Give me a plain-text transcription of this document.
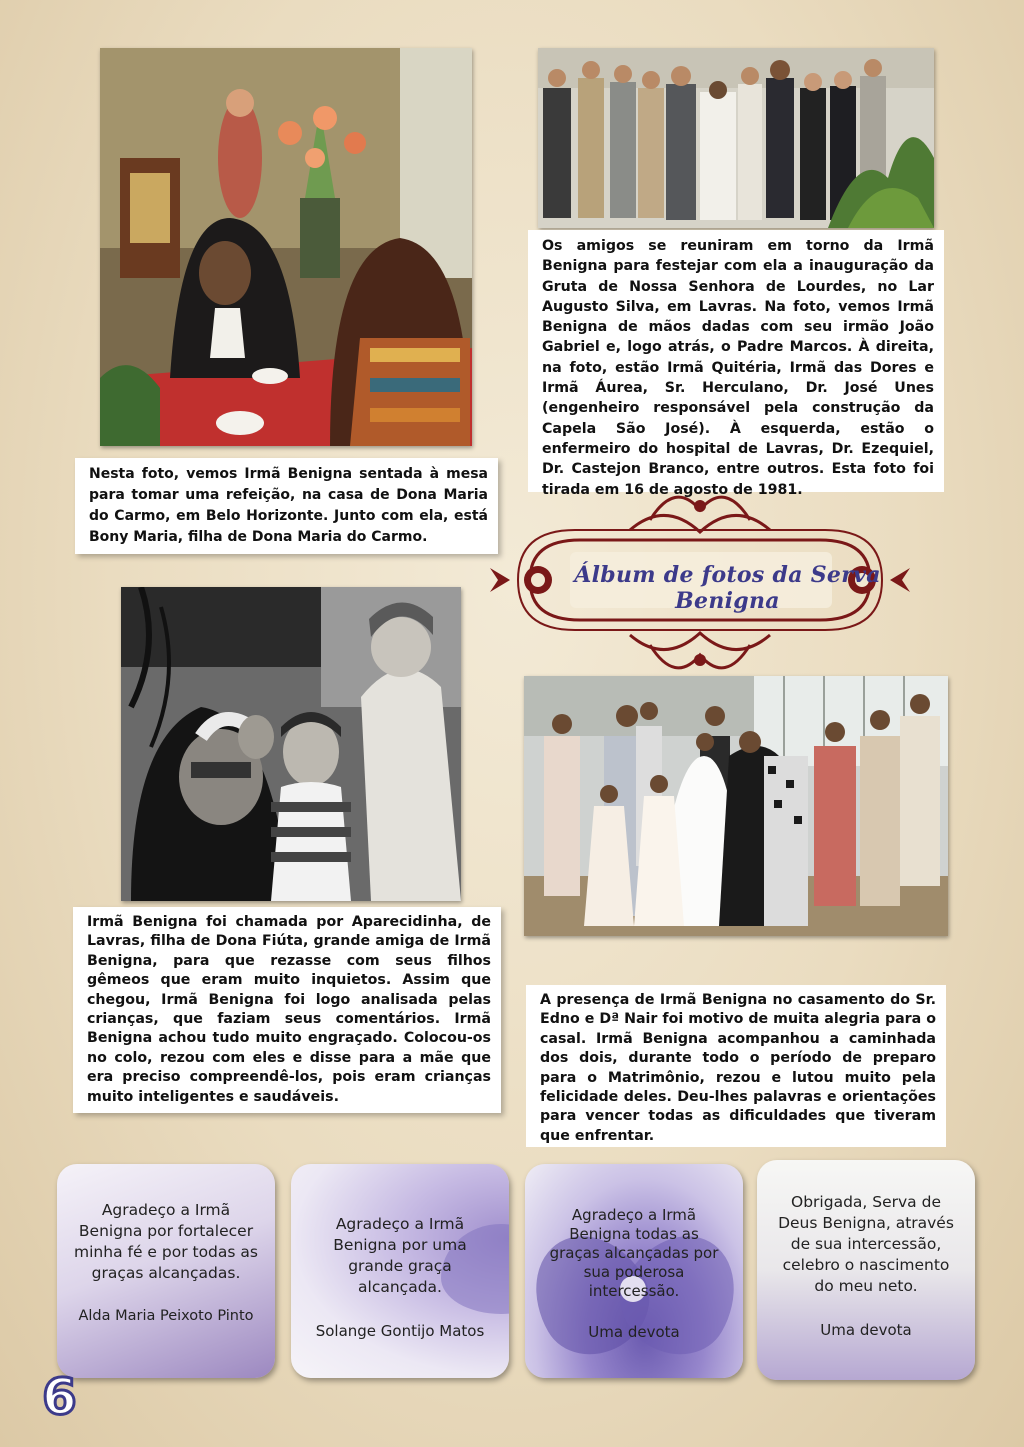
Nesta foto, vemos Irmã Benigna sentada à mesa para tomar uma refeição, na casa de Dona Maria do Carmo, em Belo Horizonte. Junto com ela, está Bony Maria, filha de Dona Maria do Carmo.
Os amigos se reuniram em torno da Irmã Benigna para festejar com ela a inauguração da Gruta de Nossa Senhora de Lourdes, no Lar Augusto Silva, em Lavras. Na foto, vemos Irmã Benigna de mãos dadas com seu irmão João Gabriel e, logo atrás, o Padre Marcos. À direita, na foto, estão Irmã Quitéria, Irmã das Dores e Irmã Áurea, Sr. Herculano, Dr. José Unes (engenheiro responsável pela construção da Capela São José). À esquerda, estão o enfermeiro do hospital de Lavras, Dr. Ezequiel, Dr. Castejon Branco, entre outros. Esta foto foi tirada em 16 de agosto de 1981.
Álbum de fotos da Serva Benigna
Irmã Benigna foi chamada por Aparecidinha, de Lavras, filha de Dona Fiúta, grande amiga de Irmã Benigna, para que rezasse com seus filhos gêmeos que eram muito inquietos. Assim que chegou, Irmã Benigna foi logo analisada pelas crianças, que faziam seus comentários. Irmã Benigna achou tudo muito engraçado. Colocou-os no colo, rezou com eles e disse para a mãe que era preciso compreendê-los, pois eram crianças muito inteligentes e saudáveis.
A presença de Irmã Benigna no casamento do Sr. Edno e Dª Nair foi motivo de muita alegria para o casal. Irmã Benigna acompanhou a caminhada dos dois, durante todo o período de preparo para o Matrimônio, rezou e lutou muito pela felicidade deles. Deu-lhes palavras e orientações para vencer todas as dificuldades que tiveram que enfrentar.
Agradeço a Irmã Benigna por fortalecer minha fé e por todas as graças alcançadas.
Alda Maria Peixoto Pinto
Agradeço a Irmã Benigna por uma grande graça alcançada.
Solange Gontijo Matos
Agradeço a Irmã Benigna todas as graças alcançadas por sua poderosa intercessão.
Uma devota
Obrigada, Serva de Deus Benigna, através de sua intercessão, celebro o nascimento do meu neto.
Uma devota
6
